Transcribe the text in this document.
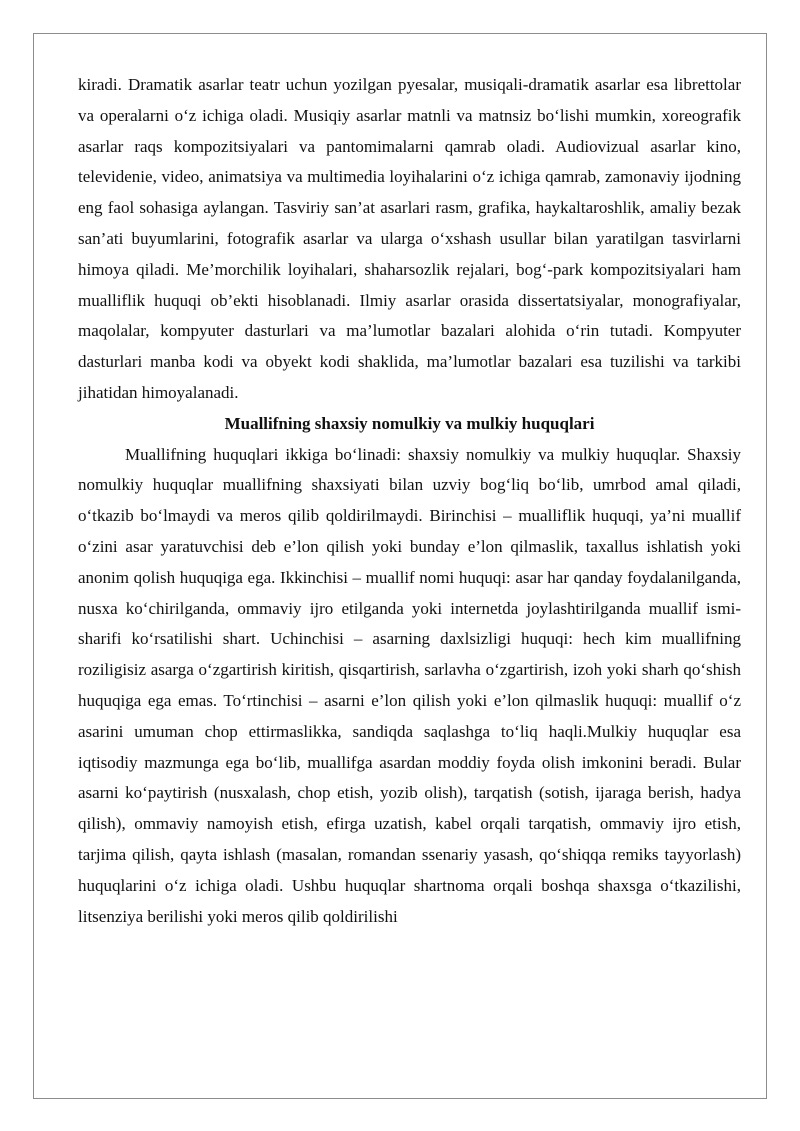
kiradi. Dramatik asarlar teatr uchun yozilgan pyesalar, musiqali-dramatik asarlar esa librettolar va operalarni o‘z ichiga oladi. Musiqiy asarlar matnli va matnsiz bo‘lishi mumkin, xoreografik asarlar raqs kompozitsiyalari va pantomimalarni qamrab oladi. Audiovizual asarlar kino, televidenie, video, animatsiya va multimedia loyihalarini o‘z ichiga qamrab, zamonaviy ijodning eng faol sohasiga aylangan. Tasviriy san’at asarlari rasm, grafika, haykaltaroshlik, amaliy bezak san’ati buyumlarini, fotografik asarlar va ularga o‘xshash usullar bilan yaratilgan tasvirlarni himoya qiladi. Me’morchilik loyihalari, shaharsozlik rejalari, bog‘-park kompozitsiyalari ham mualliflik huquqi ob’ekti hisoblanadi. Ilmiy asarlar orasida dissertatsiyalar, monografiyalar, maqolalar, kompyuter dasturlari va ma’lumotlar bazalari alohida o‘rin tutadi. Kompyuter dasturlari manba kodi va obyekt kodi shaklida, ma’lumotlar bazalari esa tuzilishi va tarkibi jihatidan himoyalanadi.

Muallifning shaxsiy nomulkiy va mulkiy huquqlari

Muallifning huquqlari ikkiga bo‘linadi: shaxsiy nomulkiy va mulkiy huquqlar. Shaxsiy nomulkiy huquqlar muallifning shaxsiyati bilan uzviy bog‘liq bo‘lib, umrbod amal qiladi, o‘tkazib bo‘lmaydi va meros qilib qoldirilmaydi. Birinchisi – mualliflik huquqi, ya’ni muallif o‘zini asar yaratuvchisi deb e’lon qilish yoki bunday e’lon qilmaslik, taxallus ishlatish yoki anonim qolish huquqiga ega. Ikkinchisi – muallif nomi huquqi: asar har qanday foydalanilganda, nusxa ko‘chirilganda, ommaviy ijro etilganda yoki internetda joylashtirilganda muallif ismi-sharifi ko‘rsatilishi shart. Uchinchisi – asarning daxlsizligi huquqi: hech kim muallifning roziligisiz asarga o‘zgartirish kiritish, qisqartirish, sarlavha o‘zgartirish, izoh yoki sharh qo‘shish huquqiga ega emas. To‘rtinchisi – asarni e’lon qilish yoki e’lon qilmaslik huquqi: muallif o‘z asarini umuman chop ettirmaslikka, sandiqda saqlashga to‘liq haqli.Mulkiy huquqlar esa iqtisodiy mazmunga ega bo‘lib, muallifga asardan moddiy foyda olish imkonini beradi. Bular asarni ko‘paytirish (nusxalash, chop etish, yozib olish), tarqatish (sotish, ijaraga berish, hadya qilish), ommaviy namoyish etish, efirga uzatish, kabel orqali tarqatish, ommaviy ijro etish, tarjima qilish, qayta ishlash (masalan, romandan ssenariy yasash, qo‘shiqqa remiks tayyorlash) huquqlarini o‘z ichiga oladi. Ushbu huquqlar shartnoma orqali boshqa shaxsga o‘tkazilishi, litsenziya berilishi yoki meros qilib qoldirilishi
